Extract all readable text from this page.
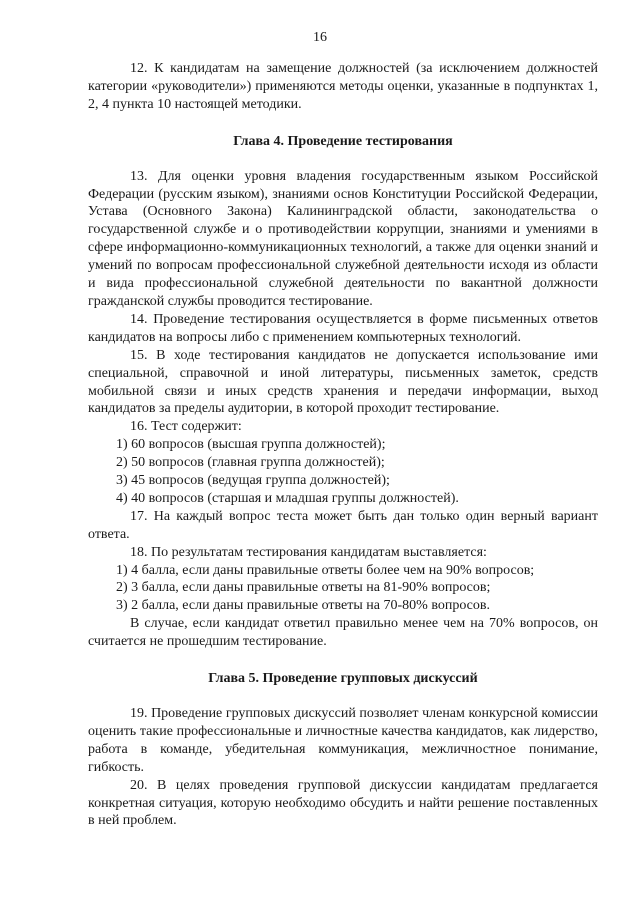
16

12. К кандидатам на замещение должностей (за исключением должностей категории «руководители») применяются методы оценки, указанные в подпунктах 1, 2, 4 пункта 10 настоящей методики.

Глава 4. Проведение тестирования

13. Для оценки уровня владения государственным языком Российской Федерации (русским языком), знаниями основ Конституции Российской Федерации, Устава (Основного Закона) Калининградской области, законодательства о государственной службе и о противодействии коррупции, знаниями и умениями в сфере информационно-коммуникационных технологий, а также для оценки знаний и умений по вопросам профессиональной служебной деятельности исходя из области и вида профессиональной служебной деятельности по вакантной должности гражданской службы проводится тестирование.

14. Проведение тестирования осуществляется в форме письменных ответов кандидатов на вопросы либо с применением компьютерных технологий.

15. В ходе тестирования кандидатов не допускается использование ими специальной, справочной и иной литературы, письменных заметок, средств мобильной связи и иных средств хранения и передачи информации, выход кандидатов за пределы аудитории, в которой проходит тестирование.

16. Тест содержит:

1) 60 вопросов (высшая группа должностей);

2) 50 вопросов (главная группа должностей);

3) 45 вопросов (ведущая группа должностей);

4) 40 вопросов (старшая и младшая группы должностей).

17. На каждый вопрос теста может быть дан только один верный вариант ответа.

18. По результатам тестирования кандидатам выставляется:

1) 4 балла, если даны правильные ответы более чем на 90% вопросов;

2) 3 балла, если даны правильные ответы на 81-90% вопросов;

3) 2 балла, если даны правильные ответы на 70-80% вопросов.

В случае, если кандидат ответил правильно менее чем на 70% вопросов, он считается не прошедшим тестирование.

Глава 5. Проведение групповых дискуссий

19. Проведение групповых дискуссий позволяет членам конкурсной комиссии оценить такие профессиональные и личностные качества кандидатов, как лидерство, работа в команде, убедительная коммуникация, межличностное понимание, гибкость.

20. В целях проведения групповой дискуссии кандидатам предлагается конкретная ситуация, которую необходимо обсудить и найти решение поставленных в ней проблем.
